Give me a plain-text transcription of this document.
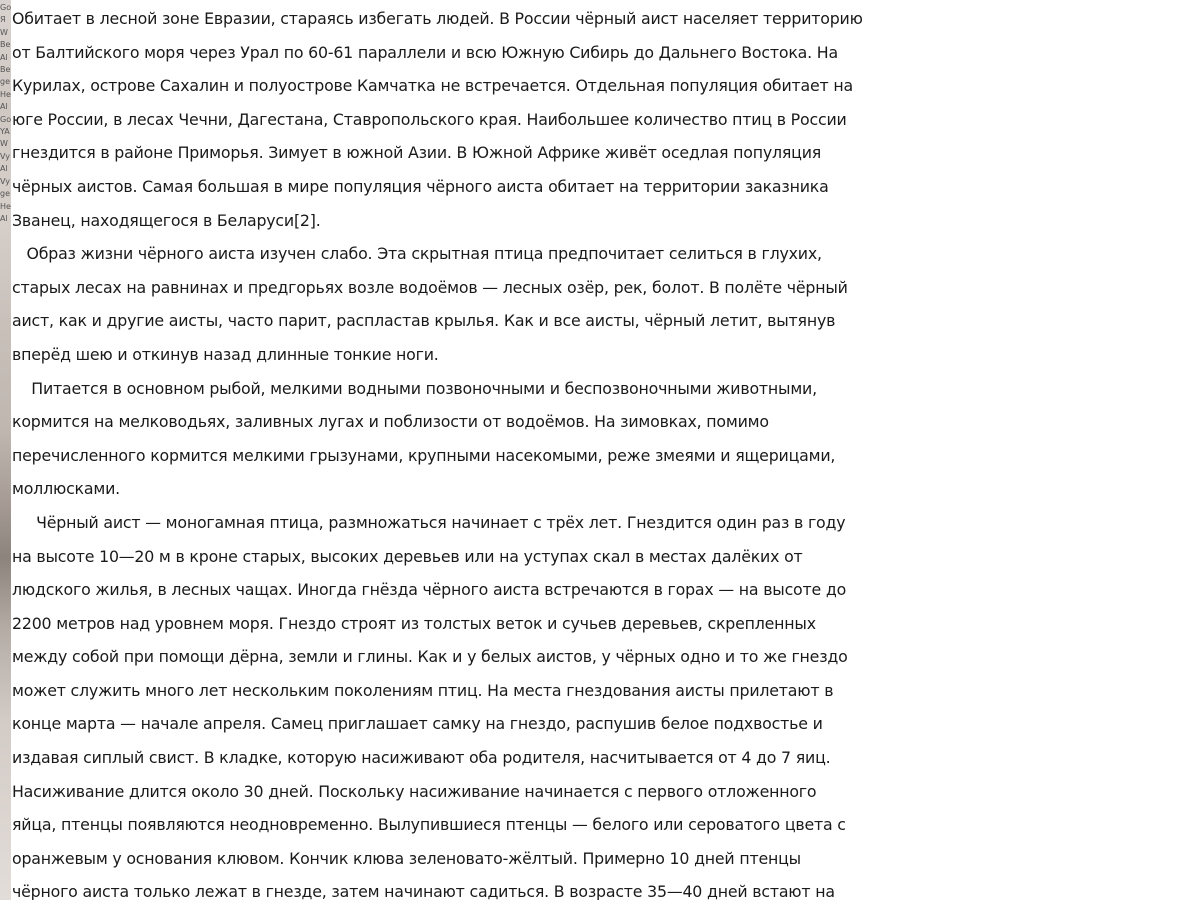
Go
Я
W
Be
Al
Be
ge
He
Al
Go
YA
W
Vy
Al
Vy
ge
He
Al
Обитает в лесной зоне Евразии, стараясь избегать людей. В России чёрный аист населяет территорию
от Балтийского моря через Урал по 60-61 параллели и всю Южную Сибирь до Дальнего Востока. На
Курилах, острове Сахалин и полуострове Камчатка не встречается. Отдельная популяция обитает на
юге России, в лесах Чечни, Дагестана, Ставропольского края. Наибольшее количество птиц в России
гнездится в районе Приморья. Зимует в южной Азии. В Южной Африке живёт оседлая популяция
чёрных аистов. Самая большая в мире популяция чёрного аиста обитает на территории заказника
Званец, находящегося в Беларуси[2].
Образ жизни чёрного аиста изучен слабо. Эта скрытная птица предпочитает селиться в глухих,
старых лесах на равнинах и предгорьях возле водоёмов — лесных озёр, рек, болот. В полёте чёрный
аист, как и другие аисты, часто парит, распластав крылья. Как и все аисты, чёрный летит, вытянув
вперёд шею и откинув назад длинные тонкие ноги.
Питается в основном рыбой, мелкими водными позвоночными и беспозвоночными животными,
кормится на мелководьях, заливных лугах и поблизости от водоёмов. На зимовках, помимо
перечисленного кормится мелкими грызунами, крупными насекомыми, реже змеями и ящерицами,
моллюсками.
Чёрный аист — моногамная птица, размножаться начинает с трёх лет. Гнездится один раз в году
на высоте 10—20 м в кроне старых, высоких деревьев или на уступах скал в местах далёких от
людского жилья, в лесных чащах. Иногда гнёзда чёрного аиста встречаются в горах — на высоте до
2200 метров над уровнем моря. Гнездо строят из толстых веток и сучьев деревьев, скрепленных
между собой при помощи дёрна, земли и глины. Как и у белых аистов, у чёрных одно и то же гнездо
может служить много лет нескольким поколениям птиц. На места гнездования аисты прилетают в
конце марта — начале апреля. Самец приглашает самку на гнездо, распушив белое подхвостье и
издавая сиплый свист. В кладке, которую насиживают оба родителя, насчитывается от 4 до 7 яиц.
Насиживание длится около 30 дней. Поскольку насиживание начинается с первого отложенного
яйца, птенцы появляются неодновременно. Вылупившиеся птенцы — белого или сероватого цвета с
оранжевым у основания клювом. Кончик клюва зеленовато-жёлтый. Примерно 10 дней птенцы
чёрного аиста только лежат в гнезде, затем начинают садиться. В возрасте 35—40 дней встают на
